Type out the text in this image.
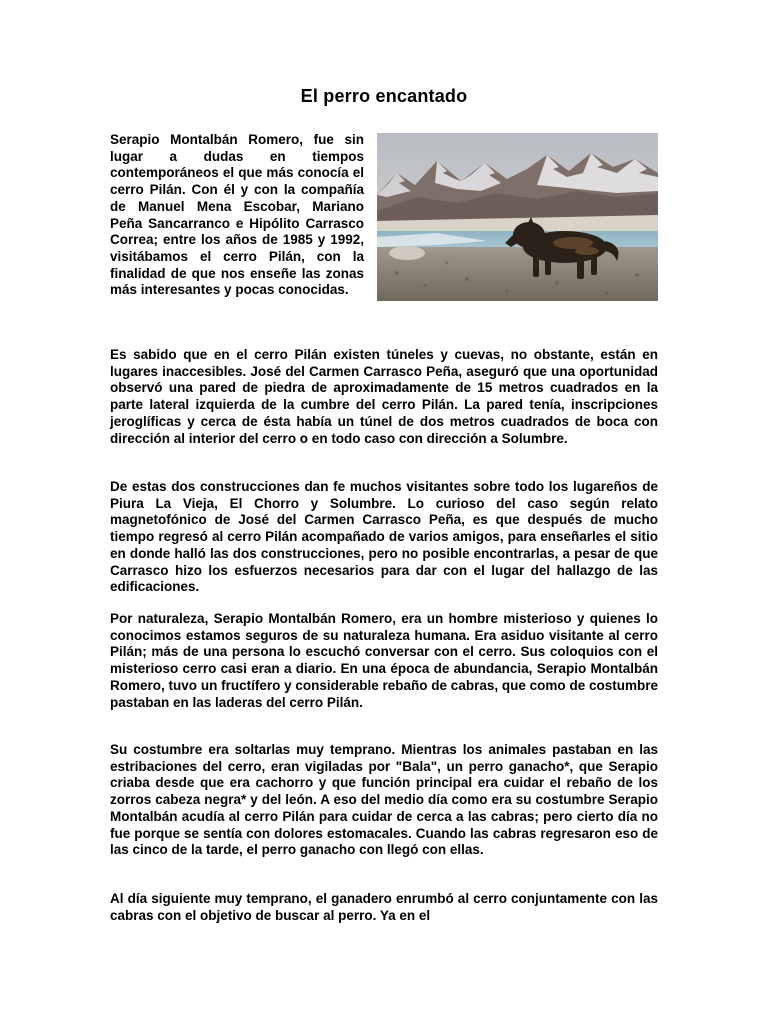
El perro encantado

Serapio Montalbán Romero, fue sin lugar a dudas en tiempos contemporáneos el que más conocía el cerro Pilán. Con él y con la compañía de Manuel Mena Escobar, Mariano Peña Sancarranco e Hipólito Carrasco Correa; entre los años de 1985 y 1992, visitábamos el cerro Pilán, con la finalidad de que nos enseñe las zonas más interesantes y pocas conocidas.

Es sabido que en el cerro Pilán existen túneles y cuevas, no obstante, están en lugares inaccesibles. José del Carmen Carrasco Peña, aseguró que una oportunidad observó una pared de piedra de aproximadamente de 15 metros cuadrados en la parte lateral izquierda de la cumbre del cerro Pilán. La pared tenía, inscripciones jeroglíficas y cerca de ésta había un túnel de dos metros cuadrados de boca con dirección al interior del cerro o en todo caso con dirección a Solumbre.

De estas dos construcciones dan fe muchos visitantes sobre todo los lugareños de Piura La Vieja, El Chorro y Solumbre. Lo curioso del caso según relato magnetofónico de José del Carmen Carrasco Peña, es que después de mucho tiempo regresó al cerro Pilán acompañado de varios amigos, para enseñarles el sitio en donde halló las dos construcciones, pero no posible encontrarlas, a pesar de que Carrasco hizo los esfuerzos necesarios para dar con el lugar del hallazgo de las edificaciones.

Por naturaleza, Serapio Montalbán Romero, era un hombre misterioso y quienes lo conocimos estamos seguros de su naturaleza humana. Era asiduo visitante al cerro Pilán; más de una persona lo escuchó conversar con el cerro. Sus coloquios con el misterioso cerro casi eran a diario. En una época de abundancia, Serapio Montalbán Romero, tuvo un fructífero y considerable rebaño de cabras, que como de costumbre pastaban en las laderas del cerro Pilán.

Su costumbre era soltarlas muy temprano. Mientras los animales pastaban en las estribaciones del cerro, eran vigiladas por "Bala", un perro ganacho*, que Serapio criaba desde que era cachorro y que función principal era cuidar el rebaño de los zorros cabeza negra* y del león. A eso del medio día como era su costumbre Serapio Montalbán acudía al cerro Pilán para cuidar de cerca a las cabras; pero cierto día no fue porque se sentía con dolores estomacales. Cuando las cabras regresaron eso de las cinco de la tarde, el perro ganacho con llegó con ellas.

Al día siguiente muy temprano, el ganadero enrumbó al cerro conjuntamente con las cabras con el objetivo de buscar al perro. Ya en el
